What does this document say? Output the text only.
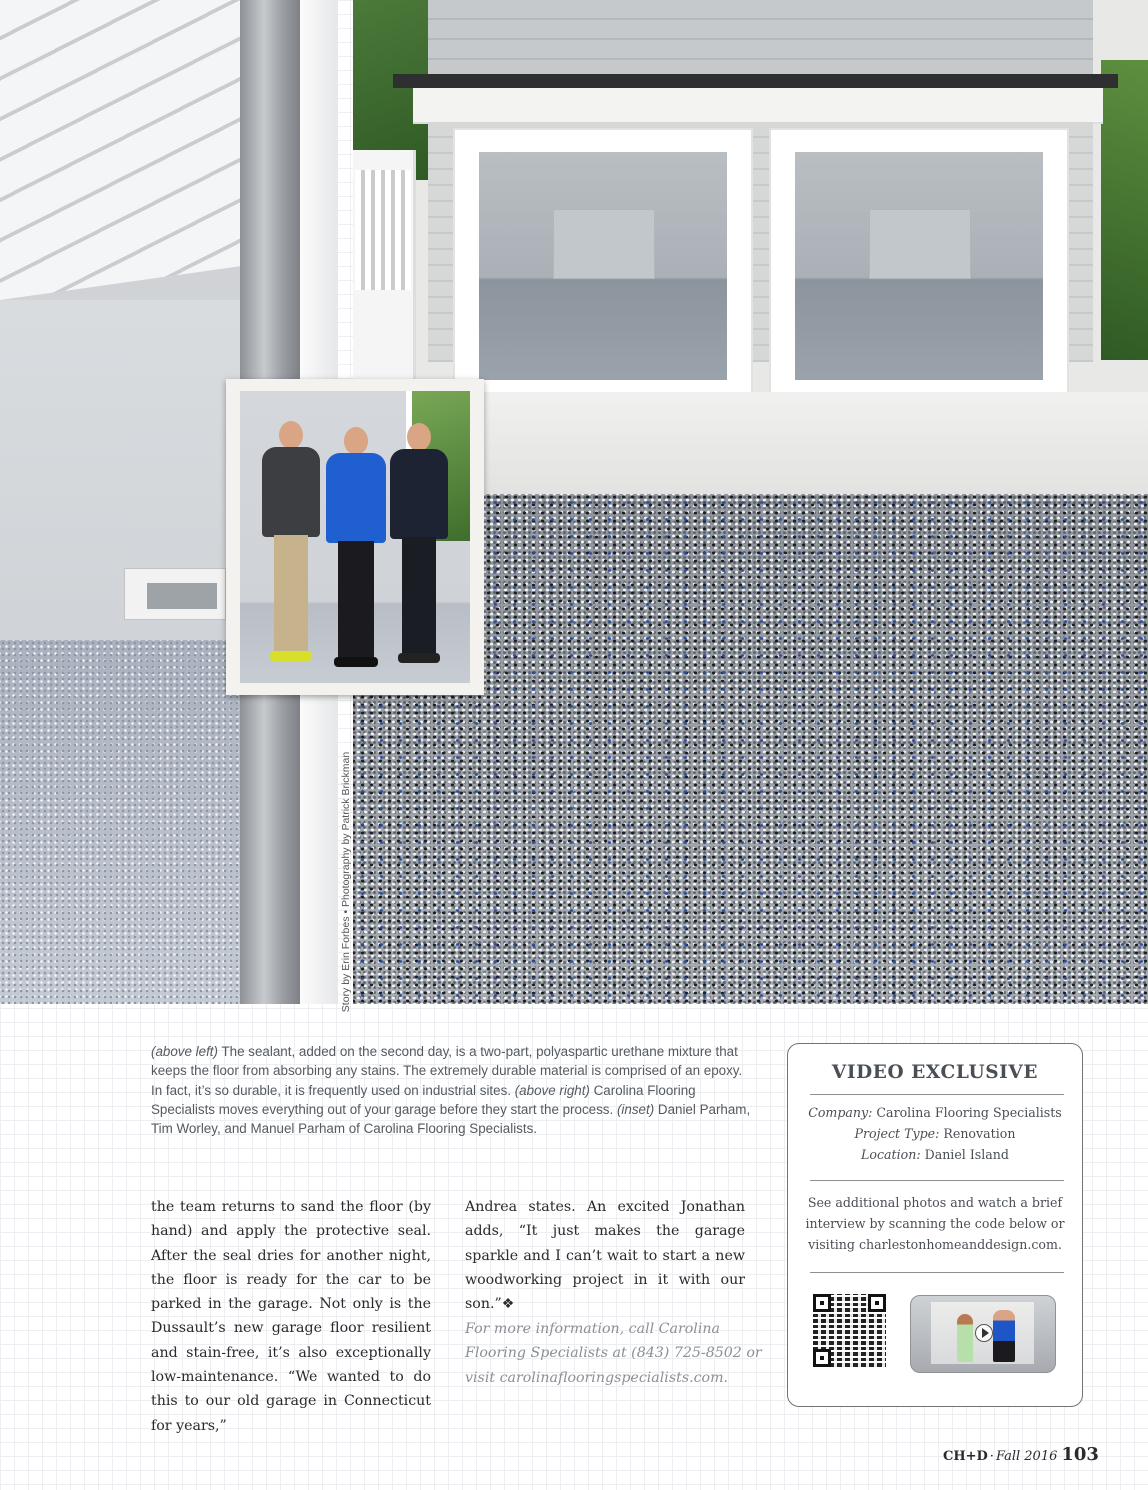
Story by Erin Forbes • Photography by Patrick Brickman
(above left) The sealant, added on the second day, is a two-part, polyaspartic urethane mixture that keeps the floor from absorbing any stains. The extremely durable material is comprised of an epoxy. In fact, it’s so durable, it is frequently used on industrial sites. (above right) Carolina Flooring Specialists moves everything out of your garage before they start the process. (inset) Daniel Parham, Tim Worley, and Manuel Parham of Carolina Flooring Specialists.
the team returns to sand the floor (by hand) and apply the protective seal. After the seal dries for another night, the floor is ready for the car to be parked in the garage. Not only is the Dussault’s new garage floor resilient and stain-free, it’s also exceptionally low-maintenance. “We wanted to do this to our old garage in Connecticut for years,”
Andrea states. An excited Jonathan adds, “It just makes the garage sparkle and I can’t wait to start a new woodworking project in it with our son.”❖
For more information, call Carolina Flooring Specialists at (843) 725-8502 or visit carolinaflooringspecialists.com.
VIDEO EXCLUSIVE
Company: Carolina Flooring Specialists
Project Type: Renovation
Location: Daniel Island
See additional photos and watch a brief interview by scanning the code below or visiting charlestonhomeanddesign.com.
CH+D · Fall 2016 103
